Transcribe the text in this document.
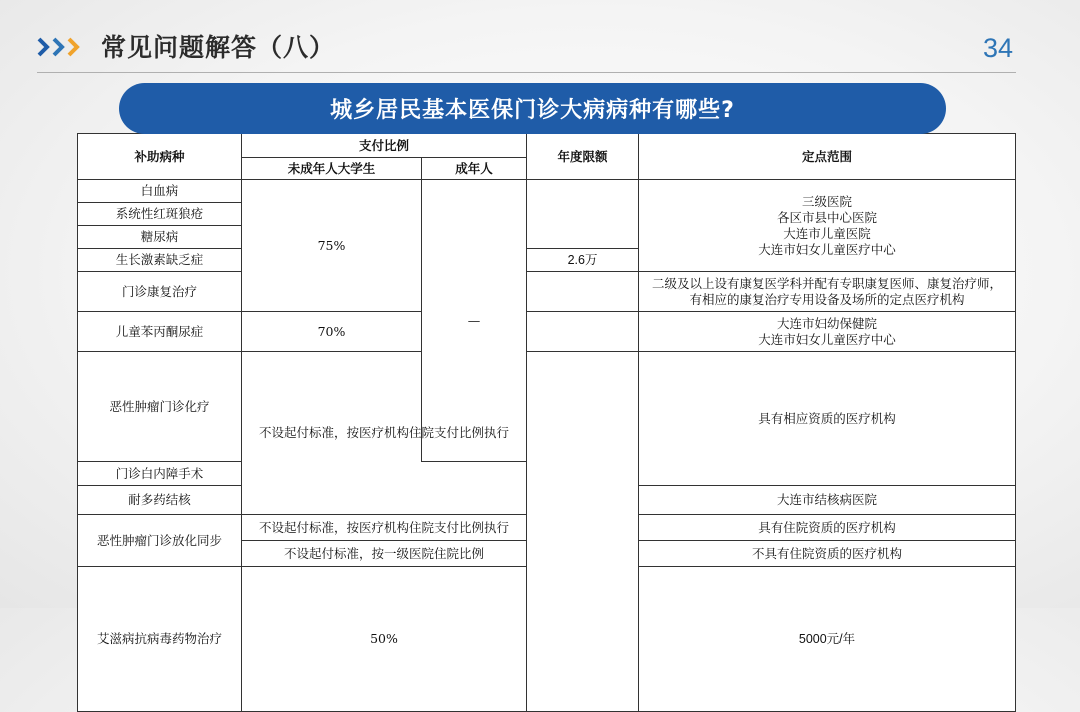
常见问题解答（八）	34
城乡居民基本医保门诊大病病种有哪些?
补助病种	支付比例		年度限额	定点范围	
	未成年人大学生	成年人			
白血病	75%	—		三级医院
各区市县中心医院
大连市儿童医院
大连市妇女儿童医疗中心	

系统性红斑狼疮					
糖尿病					
生长激素缺乏症			2.6万		
门诊康复治疗				二级及以上设有康复医学科并配有专职康复医师、康复治疗师，
有相应的康复治疗专用设备及场所的定点医疗机构	

儿童苯丙酮尿症	70%			大连市妇幼保健院
大连市妇女儿童医疗中心	

恶性肿瘤门诊化疗	不设起付标准，按医疗机构住院支付比例执行			具有相应资质的医疗机构	
门诊白内障手术					
耐多药结核				大连市结核病医院	
恶性肿瘤门诊放化同步	不设起付标准，按医疗机构住院支付比例执行			具有住院资质的医疗机构	
	不设起付标准，按一级医院住院比例			不具有住院资质的医疗机构	
艾滋病抗病毒药物治疗	50%			5000元/年	
